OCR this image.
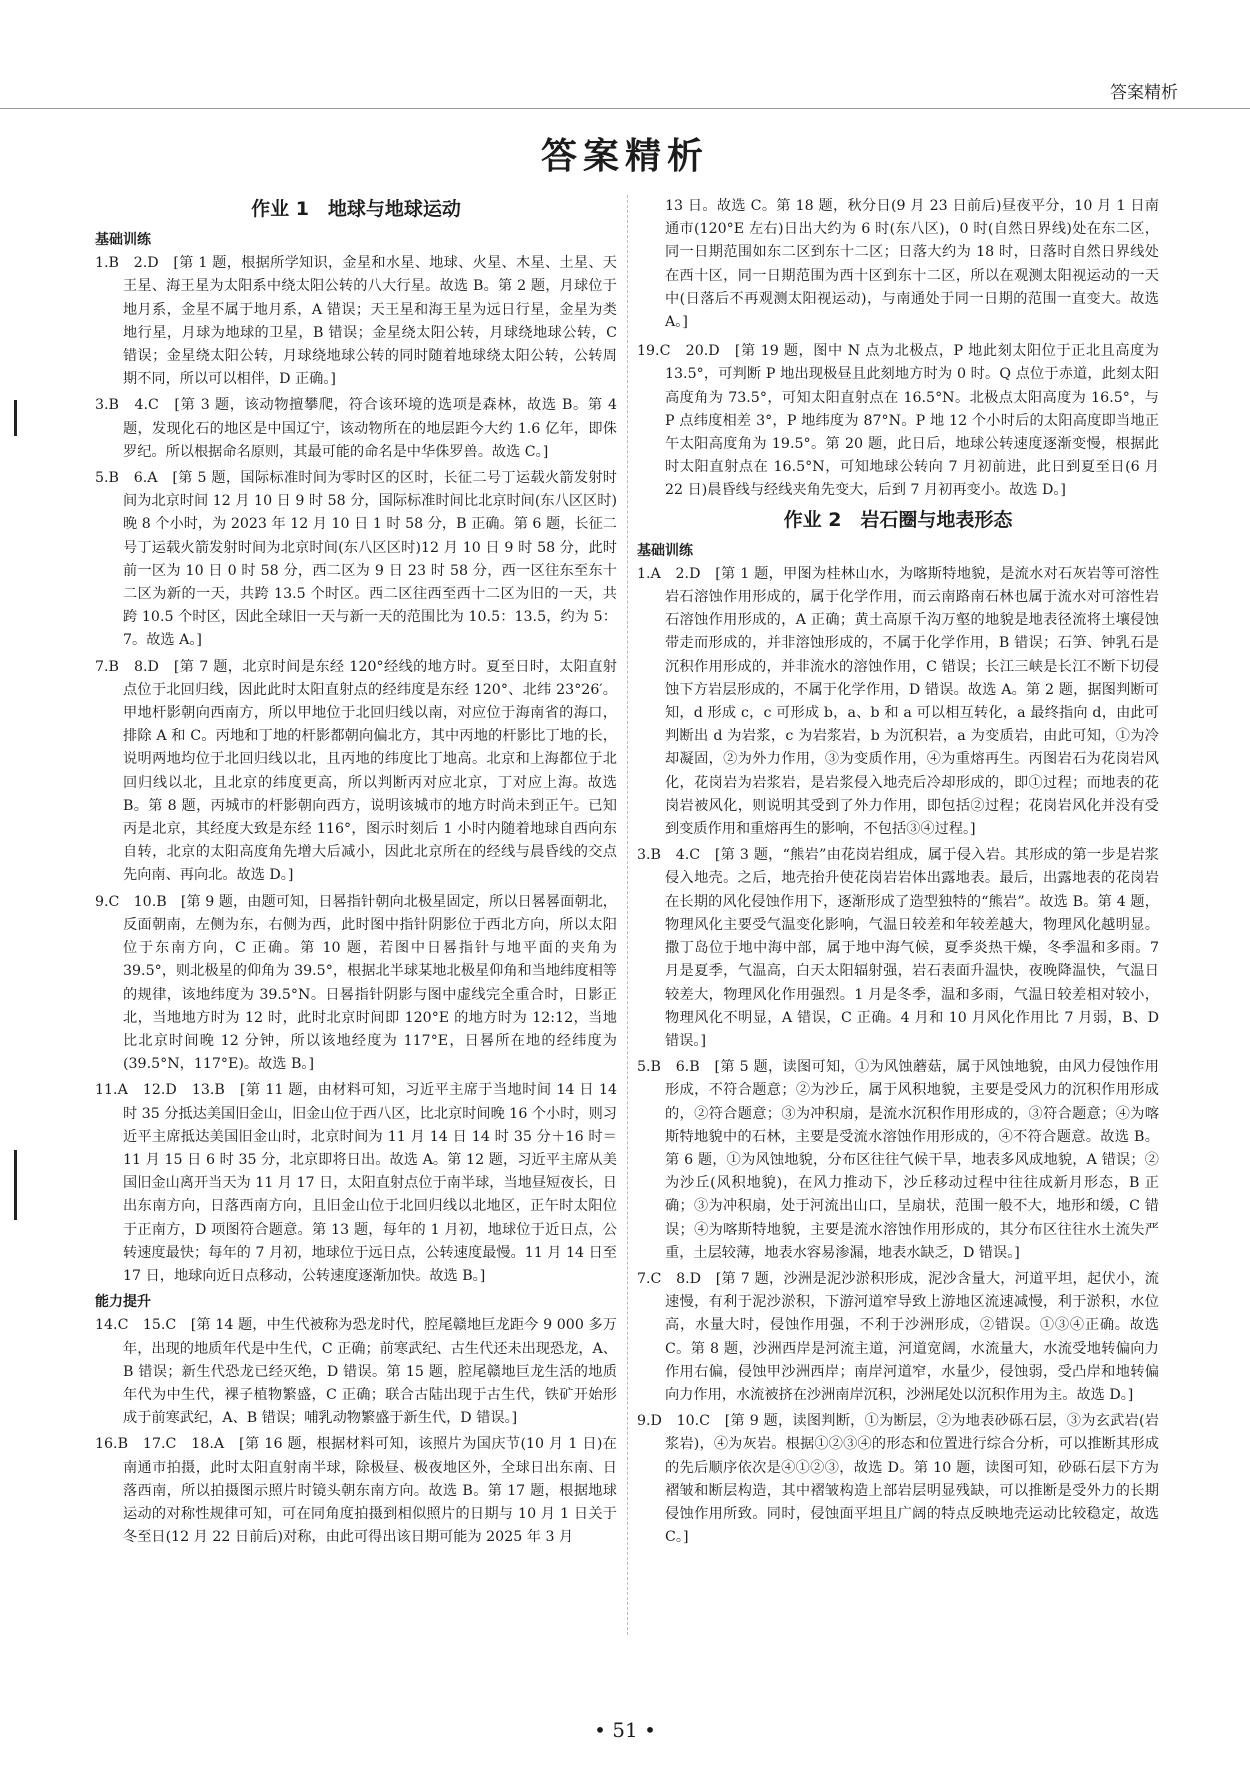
答案精析
答案精析
作业 1　地球与地球运动
基础训练

1.B　2.D　[第 1 题，根据所学知识，金星和水星、地球、火星、木星、土星、天王星、海王星为太阳系中绕太阳公转的八大行星。故选 B。第 2 题，月球位于地月系，金星不属于地月系，A 错误；天王星和海王星为远日行星，金星为类地行星，月球为地球的卫星，B 错误；金星绕太阳公转，月球绕地球公转，C 错误；金星绕太阳公转，月球绕地球公转的同时随着地球绕太阳公转，公转周期不同，所以可以相伴，D 正确。]

3.B　4.C　[第 3 题，该动物擅攀爬，符合该环境的选项是森林，故选 B。第 4 题，发现化石的地区是中国辽宁，该动物所在的地层距今大约 1.6 亿年，即侏罗纪。所以根据命名原则，其最可能的命名是中华侏罗兽。故选 C。]

5.B　6.A　[第 5 题，国际标准时间为零时区的区时，长征二号丁运载火箭发射时间为北京时间 12 月 10 日 9 时 58 分，国际标准时间比北京时间(东八区区时)晚 8 个小时，为 2023 年 12 月 10 日 1 时 58 分，B 正确。第 6 题，长征二号丁运载火箭发射时间为北京时间(东八区区时)12 月 10 日 9 时 58 分，此时前一区为 10 日 0 时 58 分，西二区为 9 日 23 时 58 分，西一区往东至东十二区为新的一天，共跨 13.5 个时区。西二区往西至西十二区为旧的一天，共跨 10.5 个时区，因此全球旧一天与新一天的范围比为 10.5：13.5，约为 5：7。故选 A。]

7.B　8.D　[第 7 题，北京时间是东经 120°经线的地方时。夏至日时，太阳直射点位于北回归线，因此此时太阳直射点的经纬度是东经 120°、北纬 23°26′。甲地杆影朝向西南方，所以甲地位于北回归线以南，对应位于海南省的海口，排除 A 和 C。丙地和丁地的杆影都朝向偏北方，其中丙地的杆影比丁地的长，说明两地均位于北回归线以北，且丙地的纬度比丁地高。北京和上海都位于北回归线以北，且北京的纬度更高，所以判断丙对应北京，丁对应上海。故选 B。第 8 题，丙城市的杆影朝向西方，说明该城市的地方时尚未到正午。已知丙是北京，其经度大致是东经 116°，图示时刻后 1 小时内随着地球自西向东自转，北京的太阳高度角先增大后减小，因此北京所在的经线与晨昏线的交点先向南、再向北。故选 D。]

9.C　10.B　[第 9 题，由题可知，日晷指针朝向北极星固定，所以日晷晷面朝北，反面朝南，左侧为东，右侧为西，此时图中指针阴影位于西北方向，所以太阳位于东南方向，C 正确。第 10 题，若图中日晷指针与地平面的夹角为 39.5°，则北极星的仰角为 39.5°，根据北半球某地北极星仰角和当地纬度相等的规律，该地纬度为 39.5°N。日晷指针阴影与图中虚线完全重合时，日影正北，当地地方时为 12 时，此时北京时间即 120°E 的地方时为 12:12，当地比北京时间晚 12 分钟，所以该地经度为 117°E，日晷所在地的经纬度为(39.5°N，117°E)。故选 B。]

11.A　12.D　13.B　[第 11 题，由材料可知，习近平主席于当地时间 14 日 14 时 35 分抵达美国旧金山，旧金山位于西八区，比北京时间晚 16 个小时，则习近平主席抵达美国旧金山时，北京时间为 11 月 14 日 14 时 35 分＋16 时＝11 月 15 日 6 时 35 分，北京即将日出。故选 A。第 12 题，习近平主席从美国旧金山离开当天为 11 月 17 日，太阳直射点位于南半球，当地昼短夜长，日出东南方向，日落西南方向，且旧金山位于北回归线以北地区，正午时太阳位于正南方，D 项图符合题意。第 13 题，每年的 1 月初，地球位于近日点，公转速度最快；每年的 7 月初，地球位于远日点，公转速度最慢。11 月 14 日至 17 日，地球向近日点移动，公转速度逐渐加快。故选 B。]

能力提升

14.C　15.C　[第 14 题，中生代被称为恐龙时代，腔尾赣地巨龙距今 9 000 多万年，出现的地质年代是中生代，C 正确；前寒武纪、古生代还未出现恐龙，A、B 错误；新生代恐龙已经灭绝，D 错误。第 15 题，腔尾赣地巨龙生活的地质年代为中生代，裸子植物繁盛，C 正确；联合古陆出现于古生代，铁矿开始形成于前寒武纪，A、B 错误；哺乳动物繁盛于新生代，D 错误。]

16.B　17.C　18.A　[第 16 题，根据材料可知，该照片为国庆节(10 月 1 日)在南通市拍摄，此时太阳直射南半球，除极昼、极夜地区外，全球日出东南、日落西南，所以拍摄图示照片时镜头朝东南方向。故选 B。第 17 题，根据地球运动的对称性规律可知，可在同角度拍摄到相似照片的日期与 10 月 1 日关于冬至日(12 月 22 日前后)对称，由此可得出该日期可能为 2025 年 3 月

13 日。故选 C。第 18 题，秋分日(9 月 23 日前后)昼夜平分，10 月 1 日南通市(120°E 左右)日出大约为 6 时(东八区)，0 时(自然日界线)处在东二区，同一日期范围如东二区到东十二区；日落大约为 18 时，日落时自然日界线处在西十区，同一日期范围为西十区到东十二区，所以在观测太阳视运动的一天中(日落后不再观测太阳视运动)，与南通处于同一日期的范围一直变大。故选 A。]

19.C　20.D　[第 19 题，图中 N 点为北极点，P 地此刻太阳位于正北且高度为 13.5°，可判断 P 地出现极昼且此刻地方时为 0 时。Q 点位于赤道，此刻太阳高度角为 73.5°，可知太阳直射点在 16.5°N。北极点太阳高度为 16.5°，与 P 点纬度相差 3°，P 地纬度为 87°N。P 地 12 个小时后的太阳高度即当地正午太阳高度角为 19.5°。第 20 题，此日后，地球公转速度逐渐变慢，根据此时太阳直射点在 16.5°N，可知地球公转向 7 月初前进，此日到夏至日(6 月 22 日)晨昏线与经线夹角先变大，后到 7 月初再变小。故选 D。]

作业 2　岩石圈与地表形态
基础训练

1.A　2.D　[第 1 题，甲图为桂林山水，为喀斯特地貌，是流水对石灰岩等可溶性岩石溶蚀作用形成的，属于化学作用，而云南路南石林也属于流水对可溶性岩石溶蚀作用形成的，A 正确；黄土高原千沟万壑的地貌是地表径流将土壤侵蚀带走而形成的，并非溶蚀形成的，不属于化学作用，B 错误；石笋、钟乳石是沉积作用形成的，并非流水的溶蚀作用，C 错误；长江三峡是长江不断下切侵蚀下方岩层形成的，不属于化学作用，D 错误。故选 A。第 2 题，据图判断可知，d 形成 c，c 可形成 b，a、b 和 a 可以相互转化，a 最终指向 d，由此可判断出 d 为岩浆，c 为岩浆岩，b 为沉积岩，a 为变质岩，由此可知，①为冷却凝固，②为外力作用，③为变质作用，④为重熔再生。丙图岩石为花岗岩风化，花岗岩为岩浆岩，是岩浆侵入地壳后冷却形成的，即①过程；而地表的花岗岩被风化，则说明其受到了外力作用，即包括②过程；花岗岩风化并没有受到变质作用和重熔再生的影响，不包括③④过程。]

3.B　4.C　[第 3 题，“熊岩”由花岗岩组成，属于侵入岩。其形成的第一步是岩浆侵入地壳。之后，地壳抬升使花岗岩岩体出露地表。最后，出露地表的花岗岩在长期的风化侵蚀作用下，逐渐形成了造型独特的“熊岩”。故选 B。第 4 题，物理风化主要受气温变化影响，气温日较差和年较差越大，物理风化越明显。撒丁岛位于地中海中部，属于地中海气候，夏季炎热干燥，冬季温和多雨。7 月是夏季，气温高，白天太阳辐射强，岩石表面升温快，夜晚降温快，气温日较差大，物理风化作用强烈。1 月是冬季，温和多雨，气温日较差相对较小，物理风化不明显，A 错误，C 正确。4 月和 10 月风化作用比 7 月弱，B、D 错误。]

5.B　6.B　[第 5 题，读图可知，①为风蚀蘑菇，属于风蚀地貌，由风力侵蚀作用形成，不符合题意；②为沙丘，属于风积地貌，主要是受风力的沉积作用形成的，②符合题意；③为冲积扇，是流水沉积作用形成的，③符合题意；④为喀斯特地貌中的石林，主要是受流水溶蚀作用形成的，④不符合题意。故选 B。第 6 题，①为风蚀地貌，分布区往往气候干旱，地表多风成地貌，A 错误；②为沙丘(风积地貌)，在风力推动下，沙丘移动过程中往往成新月形态，B 正确；③为冲积扇，处于河流出山口，呈扇状，范围一般不大，地形和缓，C 错误；④为喀斯特地貌，主要是流水溶蚀作用形成的，其分布区往往水土流失严重，土层较薄，地表水容易渗漏，地表水缺乏，D 错误。]

7.C　8.D　[第 7 题，沙洲是泥沙淤积形成，泥沙含量大，河道平坦，起伏小，流速慢，有利于泥沙淤积，下游河道窄导致上游地区流速减慢，利于淤积，水位高，水量大时，侵蚀作用强，不利于沙洲形成，②错误。①③④正确。故选 C。第 8 题，沙洲西岸是河流主道，河道宽阔，水流量大，水流受地转偏向力作用右偏，侵蚀甲沙洲西岸；南岸河道窄，水量少，侵蚀弱，受凸岸和地转偏向力作用，水流被挤在沙洲南岸沉积，沙洲尾处以沉积作用为主。故选 D。]

9.D　10.C　[第 9 题，读图判断，①为断层，②为地表砂砾石层，③为玄武岩(岩浆岩)，④为灰岩。根据①②③④的形态和位置进行综合分析，可以推断其形成的先后顺序依次是④①②③，故选 D。第 10 题，读图可知，砂砾石层下方为褶皱和断层构造，其中褶皱构造上部岩层明显残缺，可以推断是受外力的长期侵蚀作用所致。同时，侵蚀面平坦且广阔的特点反映地壳运动比较稳定，故选 C。]

• 51 •
